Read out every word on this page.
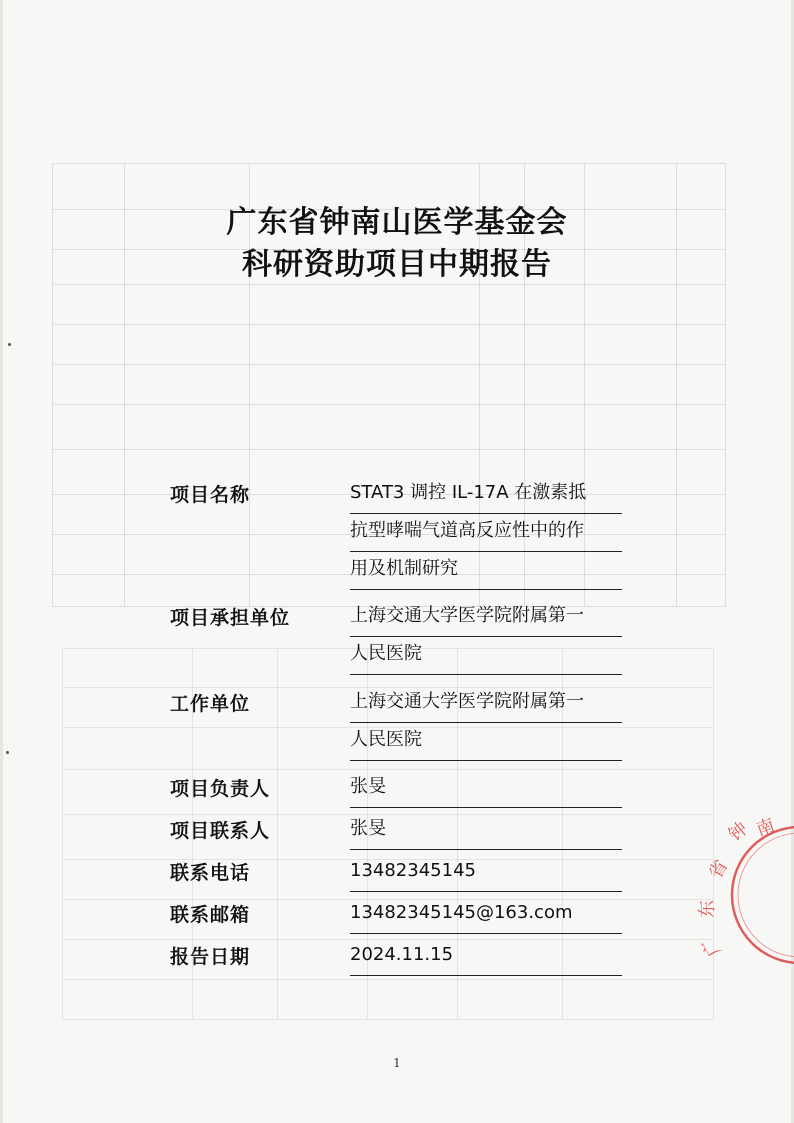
广东省钟南山医学基金会
科研资助项目中期报告
项目名称	STAT3 调控 IL-17A 在激素抵
抗型哮喘气道高反应性中的作
用及机制研究
项目承担单位	上海交通大学医学院附属第一
人民医院
工作单位	上海交通大学医学院附属第一
人民医院
项目负责人	张旻
项目联系人	张旻
联系电话	13482345145
联系邮箱	13482345145@163.com
报告日期	2024.11.15
钟 南
省
东
广
1
